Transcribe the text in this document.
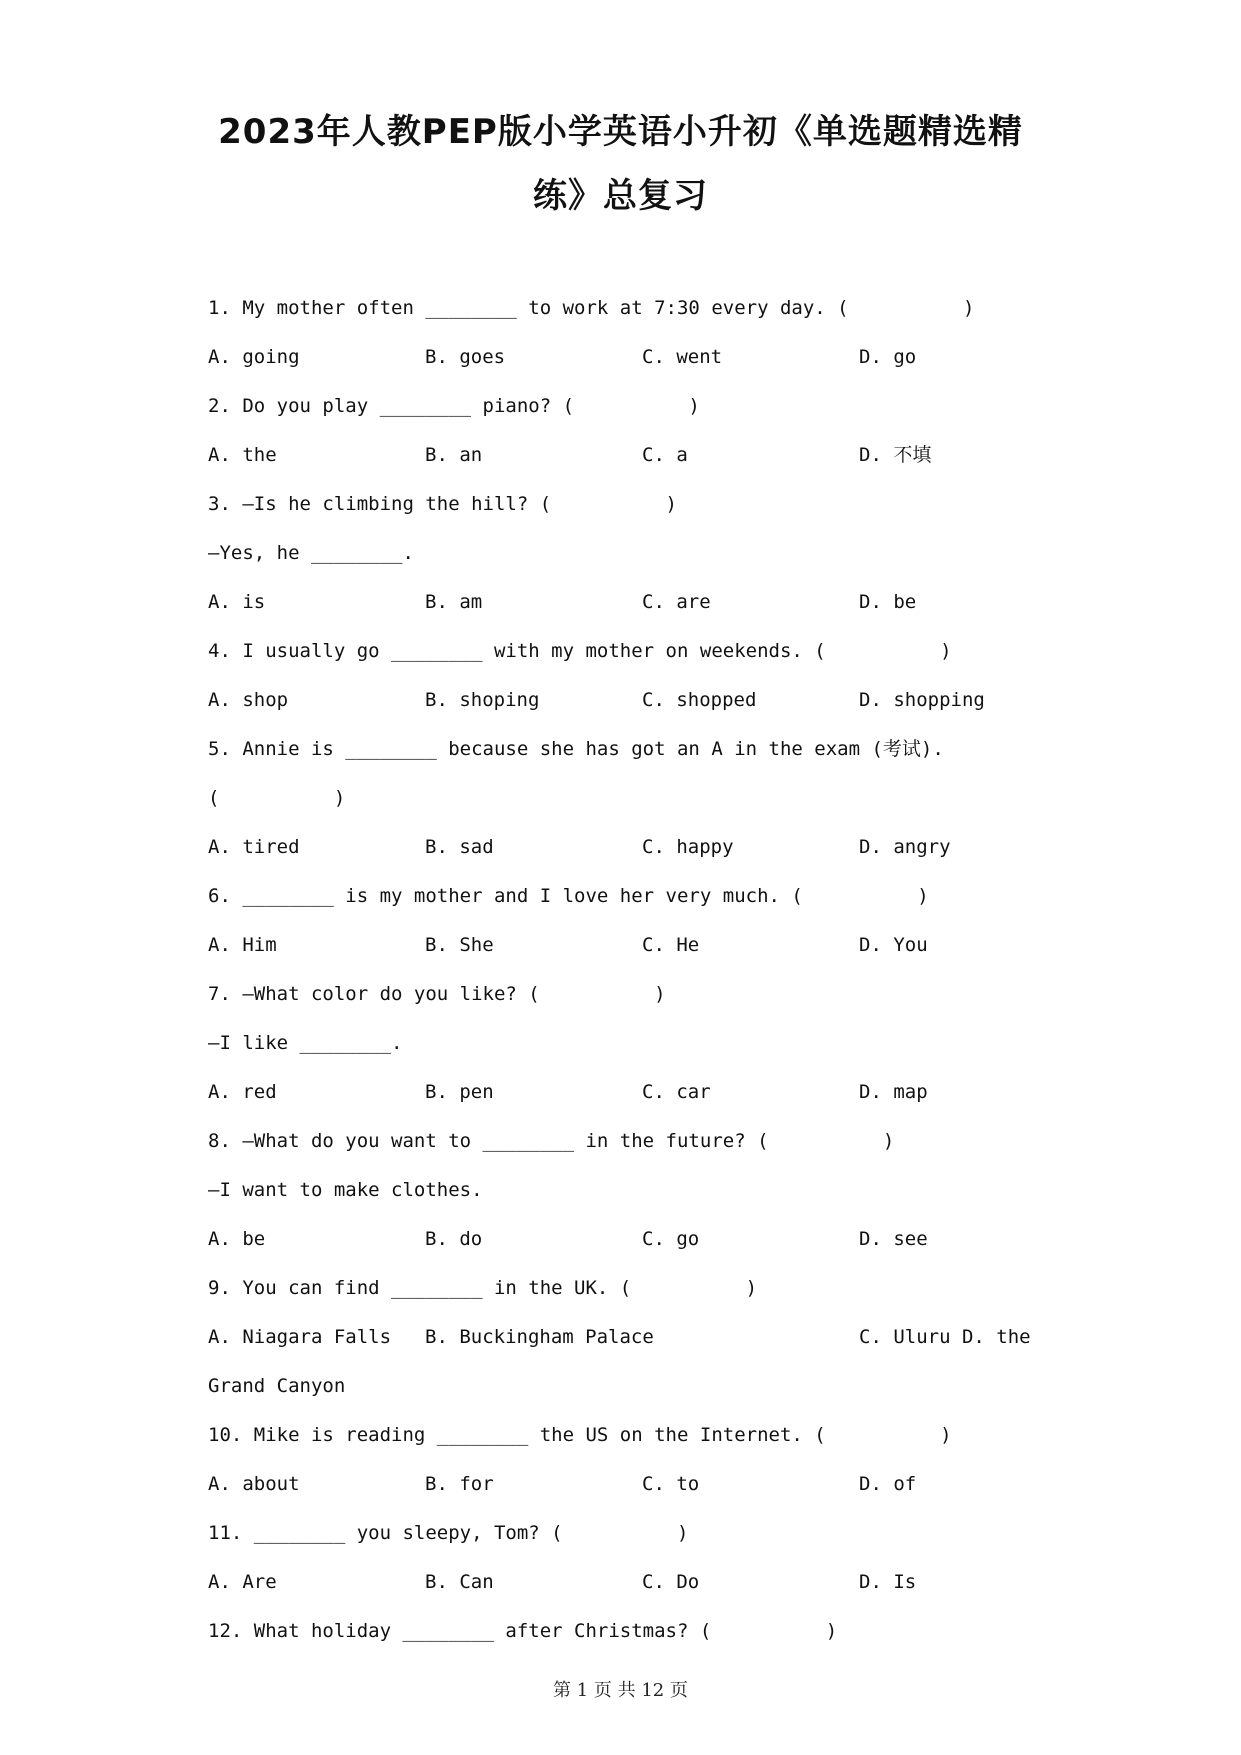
2023年人教PEP版小学英语小升初《单选题精选精
练》总复习
1. My mother often ________ to work at 7:30 every day. (          )
A. going	B. goes	C. went	D. go
2. Do you play ________ piano? (          )
A. the	B. an	C. a	D. 不填
3. —Is he climbing the hill? (          )
—Yes, he ________.
A. is	B. am	C. are	D. be
4. I usually go ________ with my mother on weekends. (          )
A. shop	B. shoping	C. shopped	D. shopping
5. Annie is ________ because she has got an A in the exam (考试).
(          )
A. tired	B. sad	C. happy	D. angry
6. ________ is my mother and I love her very much. (          )
A. Him	B. She	C. He	D. You
7. —What color do you like? (          )
—I like ________.
A. red	B. pen	C. car	D. map
8. —What do you want to ________ in the future? (          )
—I want to make clothes.
A. be	B. do	C. go	D. see
9. You can find ________ in the UK. (          )
A. Niagara Falls B. Buckingham Palace	C. Uluru D. the
Grand Canyon
10. Mike is reading ________ the US on the Internet. (          )
A. about	B. for	C. to	D. of
11. ________ you sleepy, Tom? (          )
A. Are	B. Can	C. Do	D. Is
12. What holiday ________ after Christmas? (          )
第 1 页 共 12 页
